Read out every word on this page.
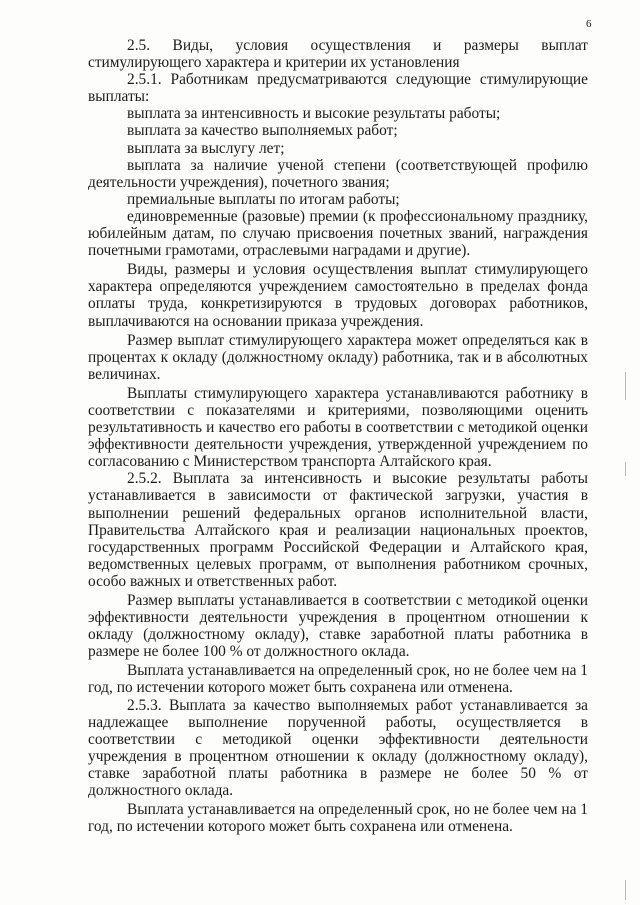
6

2.5. Виды, условия осуществления и размеры выплат стимулирующего характера и критерии их установления

2.5.1. Работникам предусматриваются следующие стимулирующие выплаты:

выплата за интенсивность и высокие результаты работы;

выплата за качество выполняемых работ;

выплата за выслугу лет;

выплата за наличие ученой степени (соответствующей профилю деятельности учреждения), почетного звания;

премиальные выплаты по итогам работы;

единовременные (разовые) премии (к профессиональному празднику, юбилейным датам, по случаю присвоения почетных званий, награждения почетными грамотами, отраслевыми наградами и другие).

Виды, размеры и условия осуществления выплат стимулирующего характера определяются учреждением самостоятельно в пределах фонда оплаты труда, конкретизируются в трудовых договорах работников, выплачиваются на основании приказа учреждения.

Размер выплат стимулирующего характера может определяться как в процентах к окладу (должностному окладу) работника, так и в абсолютных величинах.

Выплаты стимулирующего характера устанавливаются работнику в соответствии с показателями и критериями, позволяющими оценить результативность и качество его работы в соответствии с методикой оценки эффективности деятельности учреждения, утвержденной учреждением по согласованию с Министерством транспорта Алтайского края.

2.5.2. Выплата за интенсивность и высокие результаты работы устанавливается в зависимости от фактической загрузки, участия в выполнении решений федеральных органов исполнительной власти, Правительства Алтайского края и реализации национальных проектов, государственных программ Российской Федерации и Алтайского края, ведомственных целевых программ, от выполнения работником срочных, особо важных и ответственных работ.

Размер выплаты устанавливается в соответствии с методикой оценки эффективности деятельности учреждения в процентном отношении к окладу (должностному окладу), ставке заработной платы работника в размере не более 100 % от должностного оклада.

Выплата устанавливается на определенный срок, но не более чем на 1 год, по истечении которого может быть сохранена или отменена.

2.5.3. Выплата за качество выполняемых работ устанавливается за надлежащее выполнение порученной работы, осуществляется в соответствии с методикой оценки эффективности деятельности учреждения в процентном отношении к окладу (должностному окладу), ставке заработной платы работника в размере не более 50 % от должностного оклада.

Выплата устанавливается на определенный срок, но не более чем на 1 год, по истечении которого может быть сохранена или отменена.
